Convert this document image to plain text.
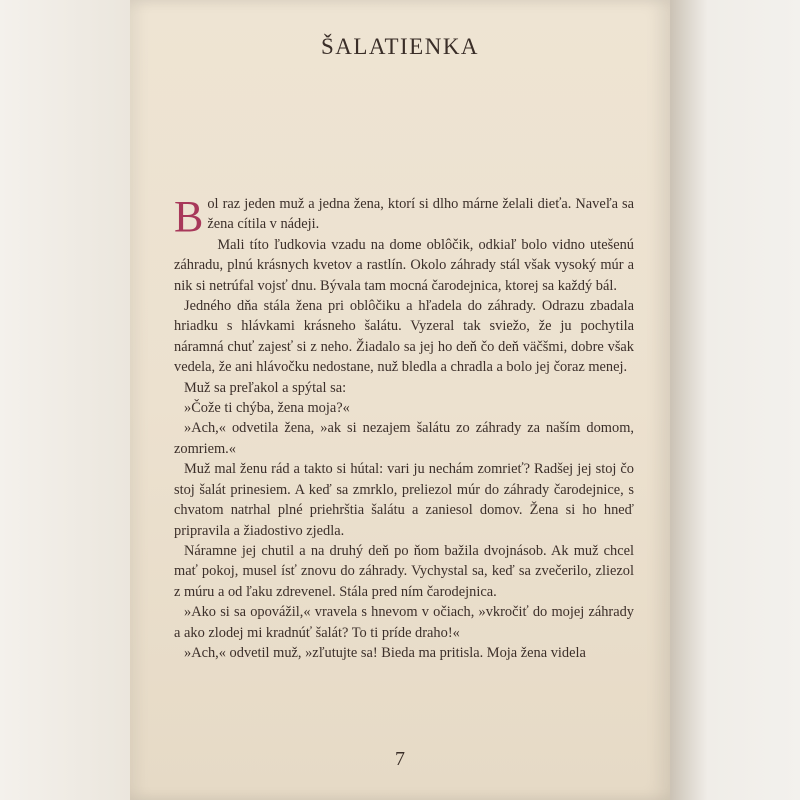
ŠALATIENKA

Bol raz jeden muž a jedna žena, ktorí si dlho márne želali dieťa. Naveľa sa žena cítila v nádeji.

Mali títo ľudkovia vzadu na dome oblôčik, odkiaľ bolo vidno utešenú záhradu, plnú krásnych kvetov a rastlín. Okolo záhrady stál však vysoký múr a nik si netrúfal vojsť dnu. Bývala tam mocná čarodejnica, ktorej sa každý bál.

Jedného dňa stála žena pri oblôčiku a hľadela do záhrady. Odrazu zbadala hriadku s hlávkami krásneho šalátu. Vyzeral tak sviežo, že ju pochytila náramná chuť zajesť si z neho. Žiadalo sa jej ho deň čo deň väčšmi, dobre však vedela, že ani hlávočku nedostane, nuž bledla a chradla a bolo jej čoraz menej.

Muž sa preľakol a spýtal sa:

»Čože ti chýba, žena moja?«

»Ach,« odvetila žena, »ak si nezajem šalátu zo záhrady za naším domom, zomriem.«

Muž mal ženu rád a takto si hútal: vari ju nechám zomrieť? Radšej jej stoj čo stoj šalát prinesiem. A keď sa zmrklo, preliezol múr do záhrady čarodejnice, s chvatom natrhal plné priehrštia šalátu a zaniesol domov. Žena si ho hneď pripravila a žiadostivo zjedla.

Náramne jej chutil a na druhý deň po ňom bažila dvojnásob. Ak muž chcel mať pokoj, musel ísť znovu do záhrady. Vychystal sa, keď sa zvečerilo, zliezol z múru a od ľaku zdrevenel. Stála pred ním čarodejnica.

»Ako si sa opovážil,« vravela s hnevom v očiach, »vkročiť do mojej záhrady a ako zlodej mi kradnúť šalát? To ti príde draho!«

»Ach,« odvetil muž, »zľutujte sa! Bieda ma pritisla. Moja žena videla

7
